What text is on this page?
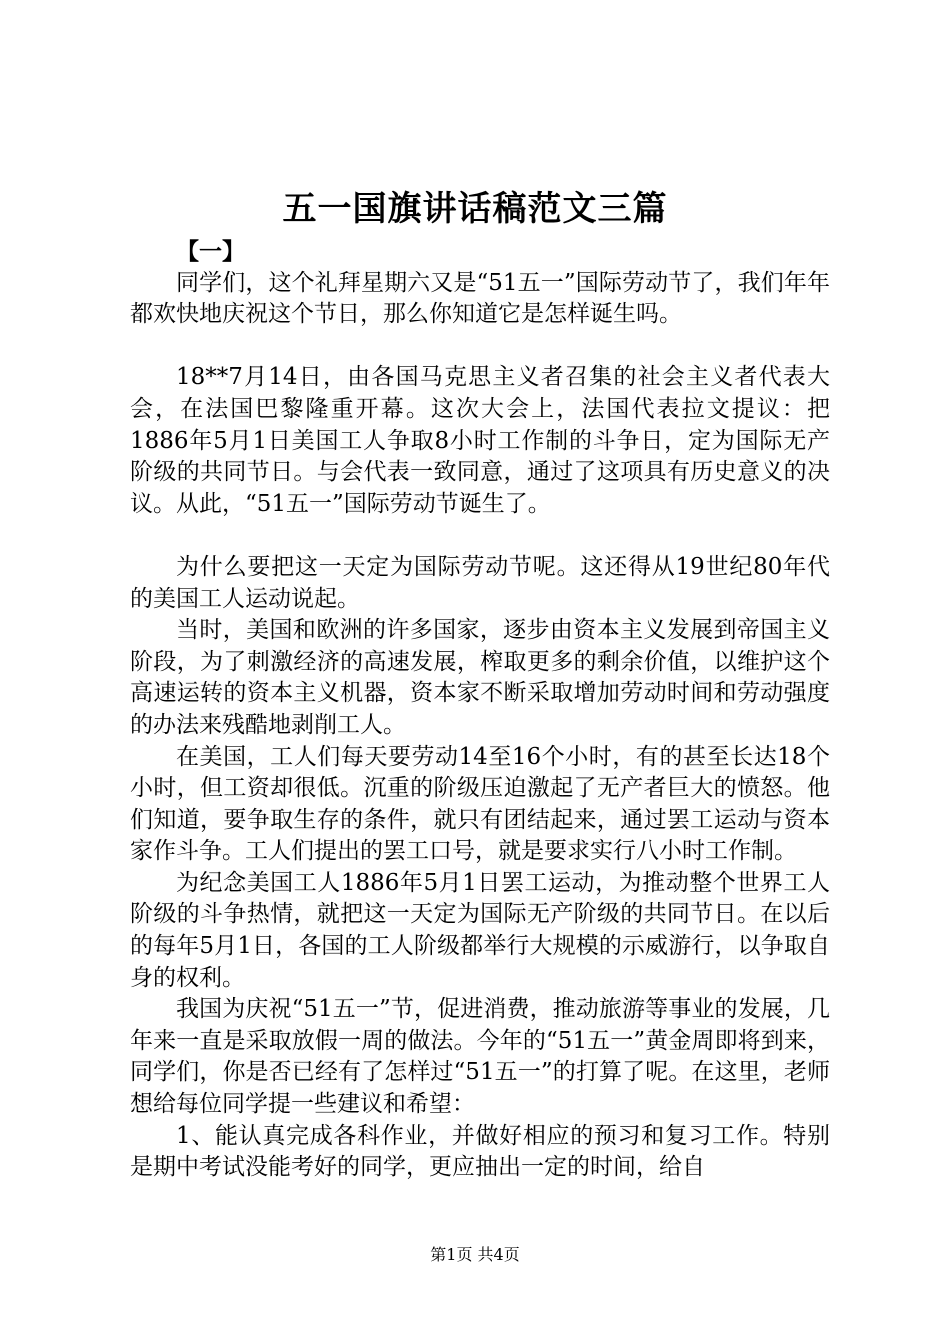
五一国旗讲话稿范文三篇

【一】

同学们，这个礼拜星期六又是“51五一”国际劳动节了，我们年年都欢快地庆祝这个节日，那么你知道它是怎样诞生吗。

18**7月14日，由各国马克思主义者召集的社会主义者代表大会，在法国巴黎隆重开幕。这次大会上，法国代表拉文提议：把1886年5月1日美国工人争取8小时工作制的斗争日，定为国际无产阶级的共同节日。与会代表一致同意，通过了这项具有历史意义的决议。从此，“51五一”国际劳动节诞生了。

为什么要把这一天定为国际劳动节呢。这还得从19世纪80年代的美国工人运动说起。

当时，美国和欧洲的许多国家，逐步由资本主义发展到帝国主义阶段，为了刺激经济的高速发展，榨取更多的剩余价值，以维护这个高速运转的资本主义机器，资本家不断采取增加劳动时间和劳动强度的办法来残酷地剥削工人。

在美国，工人们每天要劳动14至16个小时，有的甚至长达18个小时，但工资却很低。沉重的阶级压迫激起了无产者巨大的愤怒。他们知道，要争取生存的条件，就只有团结起来，通过罢工运动与资本家作斗争。工人们提出的罢工口号，就是要求实行八小时工作制。

为纪念美国工人1886年5月1日罢工运动，为推动整个世界工人阶级的斗争热情，就把这一天定为国际无产阶级的共同节日。在以后的每年5月1日，各国的工人阶级都举行大规模的示威游行，以争取自身的权利。

我国为庆祝“51五一”节，促进消费，推动旅游等事业的发展，几年来一直是采取放假一周的做法。今年的“51五一”黄金周即将到来，同学们，你是否已经有了怎样过“51五一”的打算了呢。在这里，老师想给每位同学提一些建议和希望：

1、能认真完成各科作业，并做好相应的预习和复习工作。特别是期中考试没能考好的同学，更应抽出一定的时间，给自

第1页 共4页
